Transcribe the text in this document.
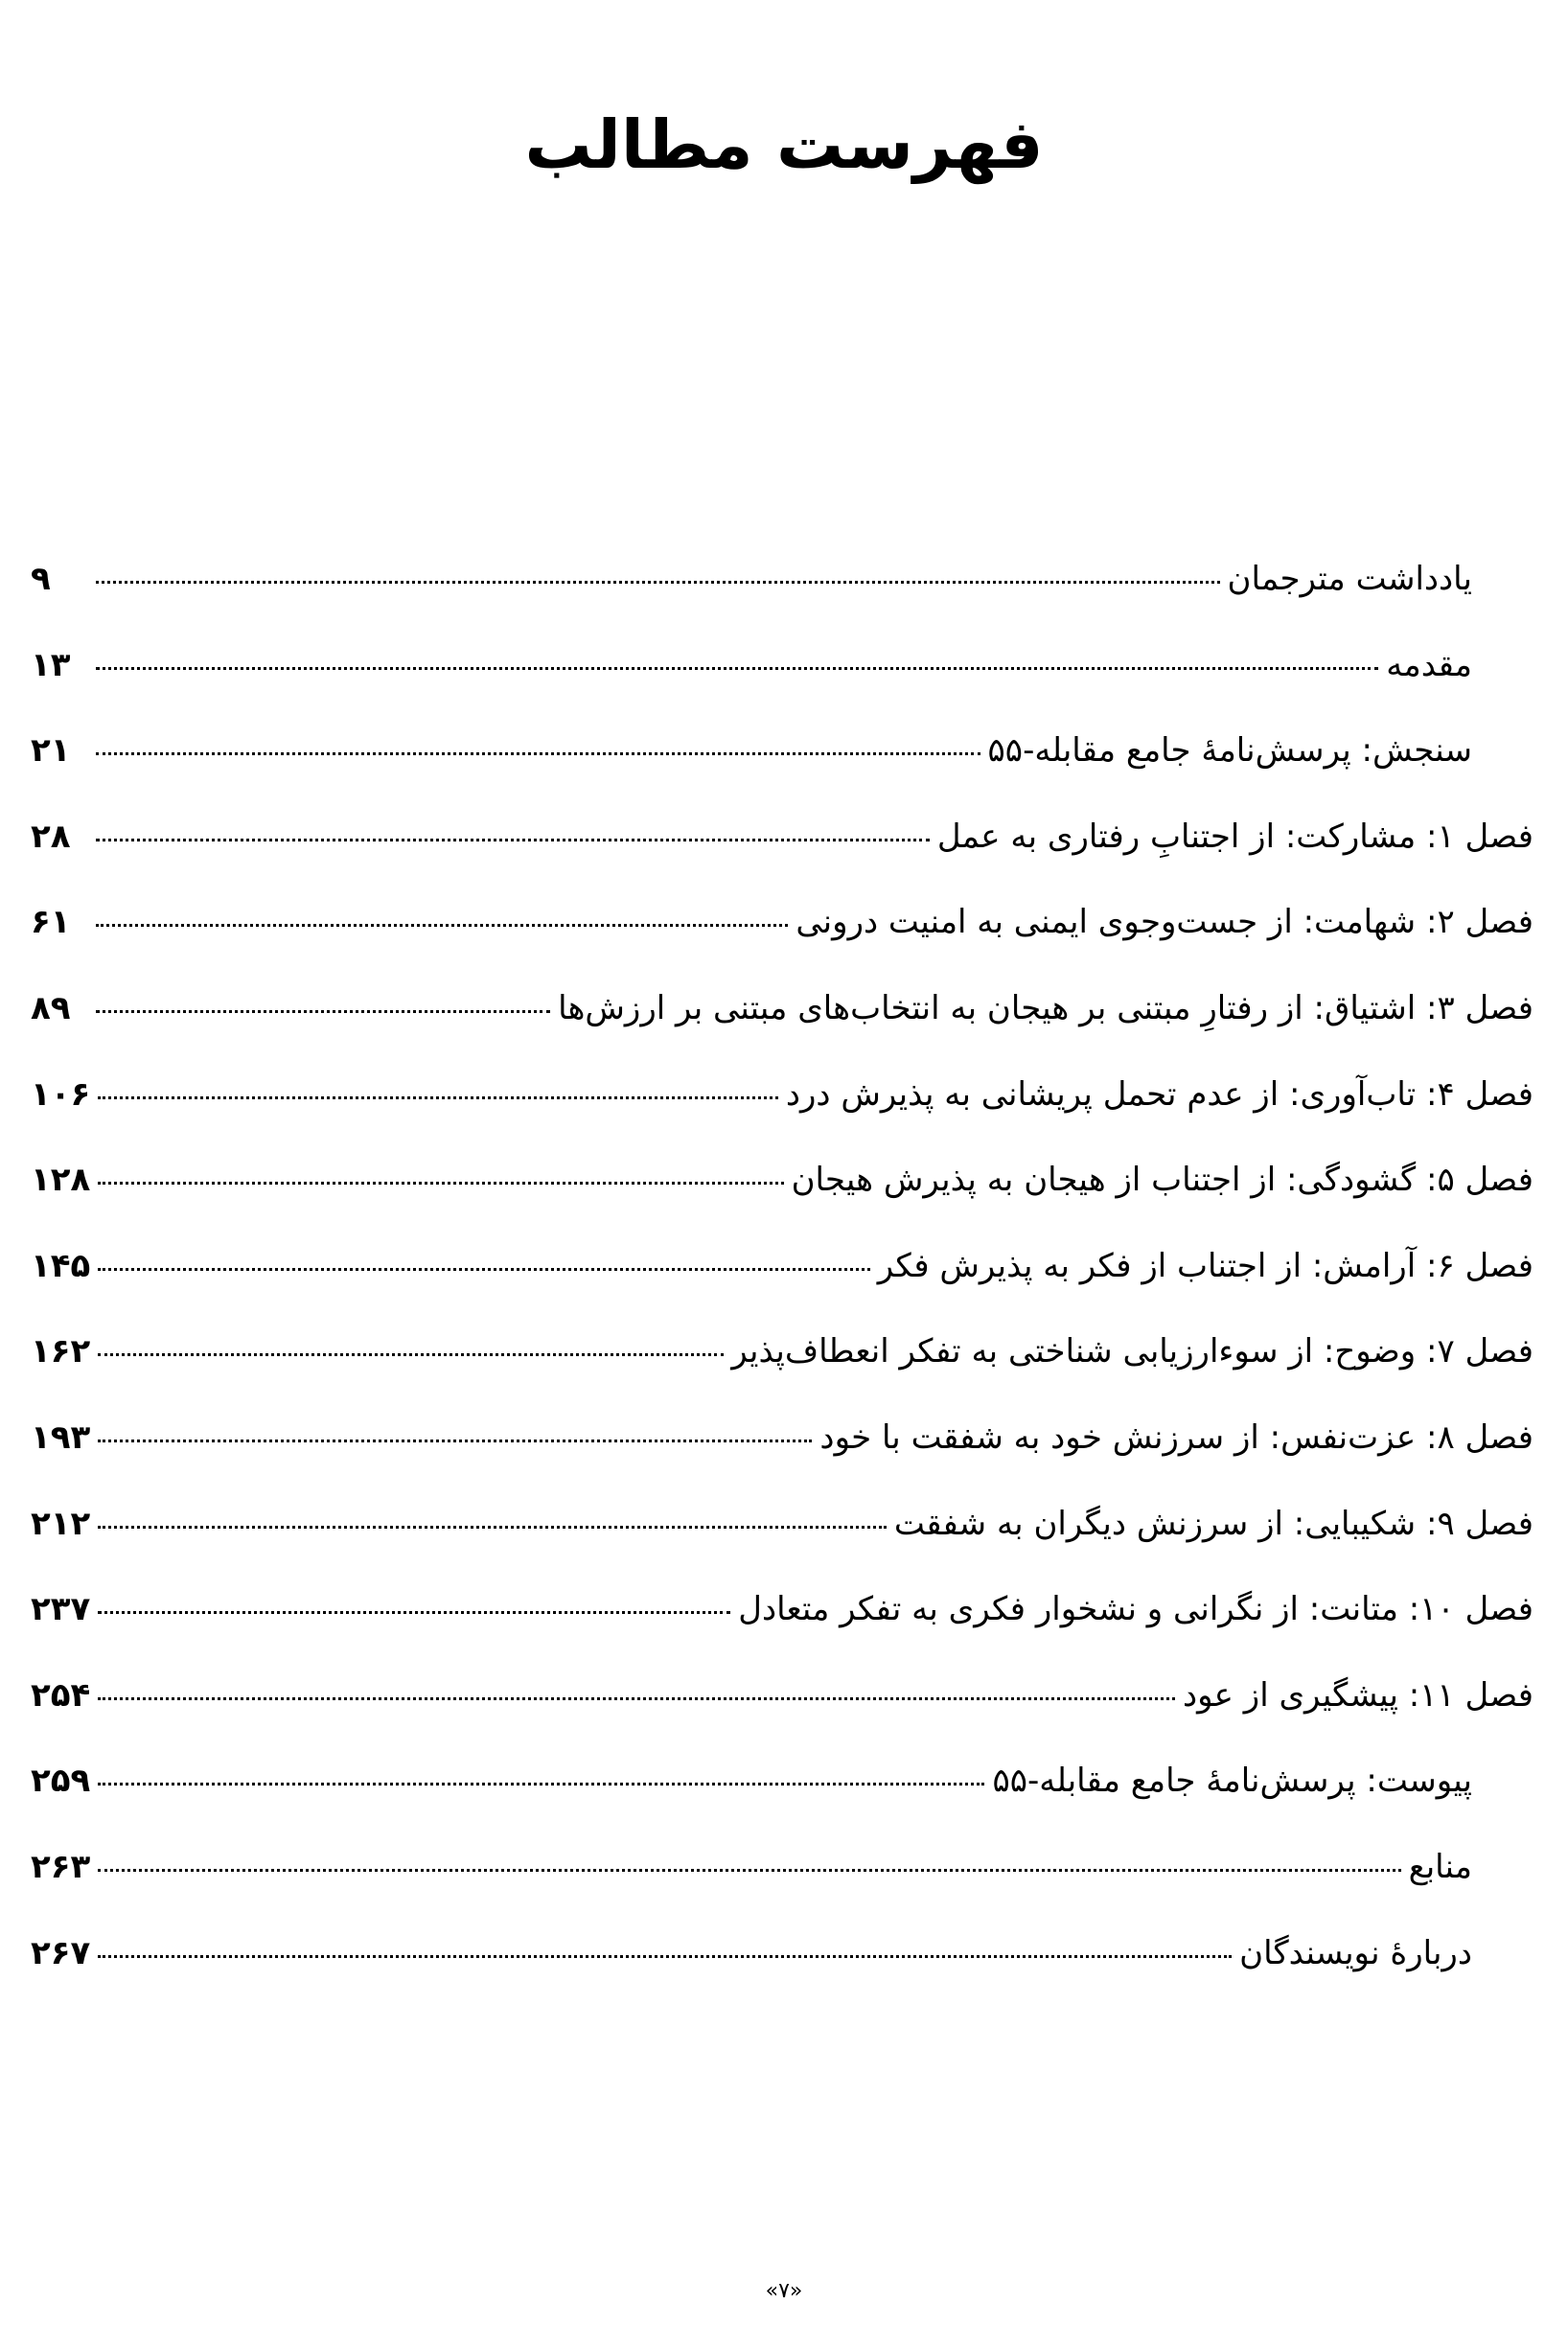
فهرست مطالب
یادداشت مترجمان
۹
مقدمه
۱۳
سنجش: پرسش‌نامهٔ جامع مقابله-۵۵
۲۱
فصل ۱: مشارکت: از اجتنابِ رفتاری به عمل
۲۸
فصل ۲: شهامت: از جست‌وجوی ایمنی به امنیت درونی
۶۱
فصل ۳: اشتیاق: از رفتارِ مبتنی بر هیجان به انتخاب‌های مبتنی بر ارزش‌ها
۸۹
فصل ۴: تاب‌آوری: از عدم تحمل پریشانی به پذیرش درد
۱۰۶
فصل ۵: گشودگی: از اجتناب از هیجان به پذیرش هیجان
۱۲۸
فصل ۶: آرامش: از اجتناب از فکر به پذیرش فکر
۱۴۵
فصل ۷: وضوح: از سوءارزیابی شناختی به تفکر انعطاف‌پذیر
۱۶۲
فصل ۸: عزت‌نفس: از سرزنش خود به شفقت با خود
۱۹۳
فصل ۹: شکیبایی: از سرزنش دیگران به شفقت
۲۱۲
فصل ۱۰: متانت: از نگرانی و نشخوار فکری به تفکر متعادل
۲۳۷
فصل ۱۱: پیشگیری از عود
۲۵۴
پیوست: پرسش‌نامهٔ جامع مقابله-۵۵
۲۵۹
منابع
۲۶۳
دربارهٔ نویسندگان
۲۶۷
«۷»
